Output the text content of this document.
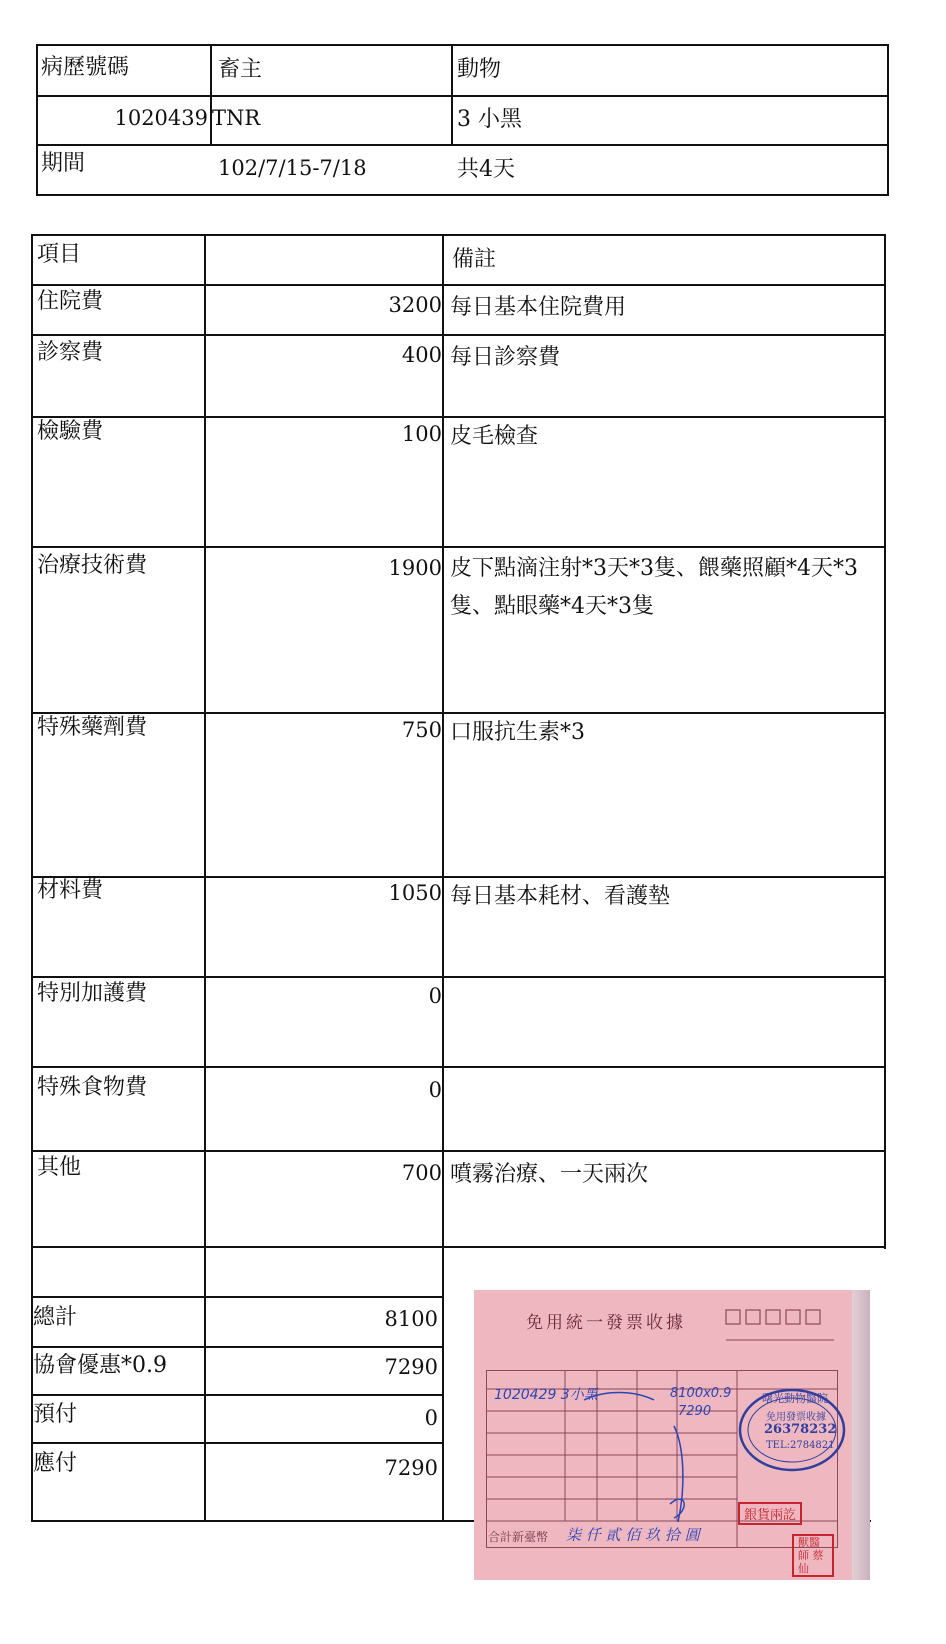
病歷號碼	畜主	動物
1020439 TNR	3 小黑
期間	102/7/15-7/18	共4天
項目	備註
住院費	3200 每日基本住院費用
診察費	400 每日診察費
檢驗費	100 皮毛檢查
治療技術費	1900 皮下點滴注射*3天*3隻、餵藥照顧*4天*3隻、點眼藥*4天*3隻
特殊藥劑費	750 口服抗生素*3
材料費	1050 每日基本耗材、看護墊
特別加護費	0
特殊食物費	0
其他	700 噴霧治療、一天兩次
總計	8100
協會優惠*0.9	7290
預付	0
應付	7290
免用統一發票收據
1020429 3小黑	8100x0.9
7290
合計新臺幣 柒 仟 貳 佰 玖 拾 圓
曙光動物醫院
免用發票收據
26378232
TEL:2784821
銀貨兩訖
獸醫師 蔡仙
